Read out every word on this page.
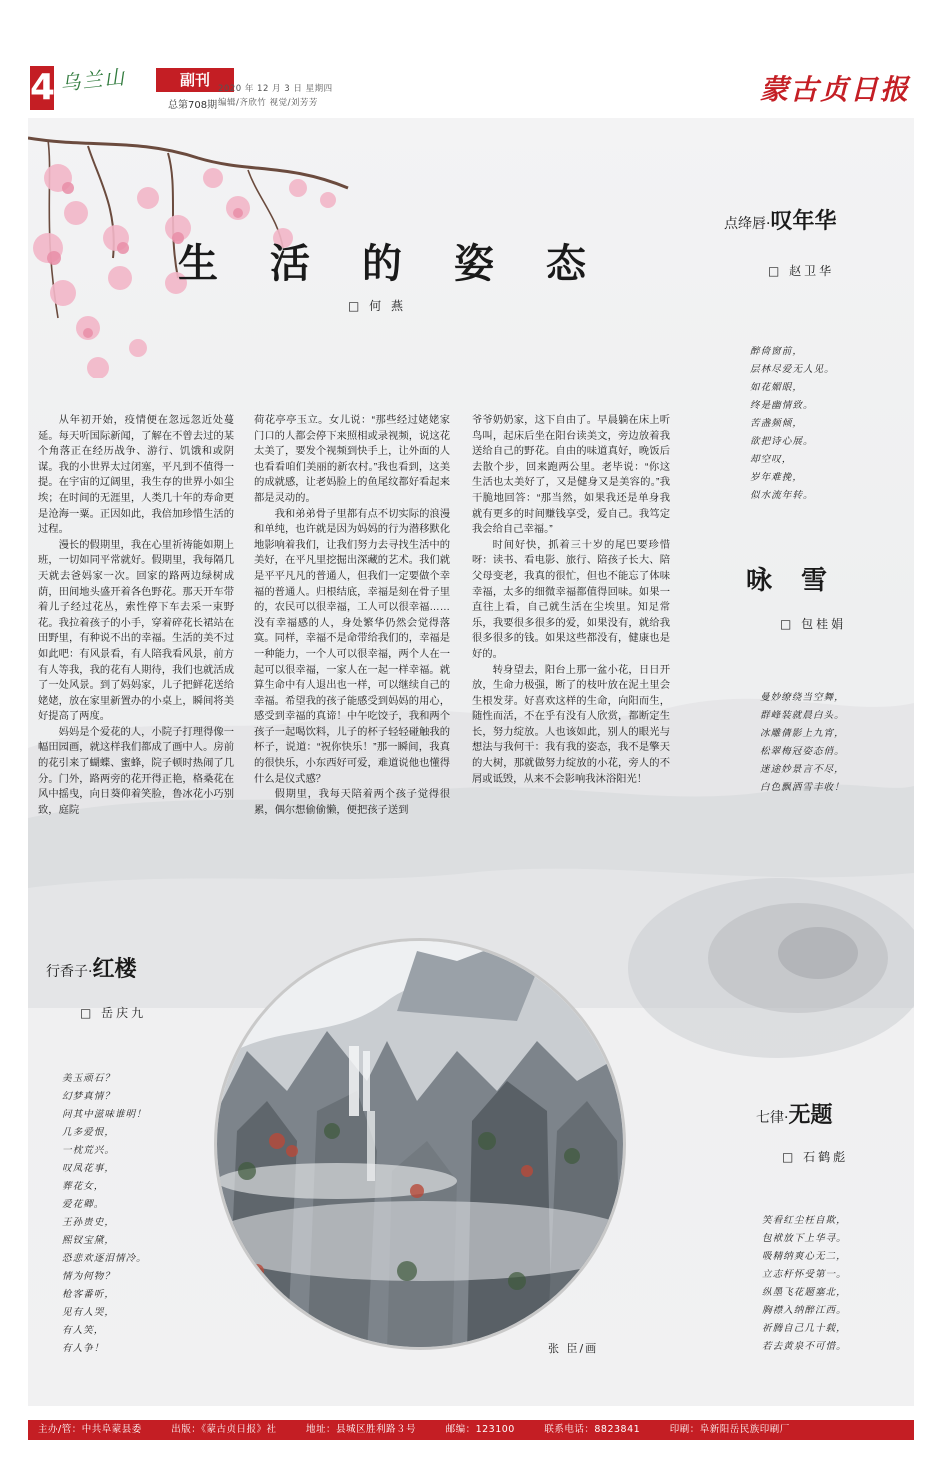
4 乌兰山	副刊
总第708期
2020 年 12 月 3 日 星期四
编辑/齐欣竹 视觉/刘芳芳	蒙古贞日报
生活的姿态
□ 何 燕

从年初开始，疫情便在忽远忽近处蔓延。每天听国际新闻，了解在不曾去过的某个角落正在经历战争、游行、饥饿和或阴谋。我的小世界太过闭塞，平凡到不值得一提。在宇宙的辽阔里，我生存的世界小如尘埃；在时间的无涯里，人类几十年的寿命更是沧海一粟。正因如此，我倍加珍惜生活的过程。

漫长的假期里，我在心里祈祷能如期上班，一切如同平常就好。假期里，我每隔几天就去爸妈家一次。回家的路两边绿树成荫，田间地头盛开着各色野花。那天开车带着儿子经过花丛，索性停下车去采一束野花。我拉着孩子的小手，穿着碎花长裙站在田野里，有种说不出的幸福。生活的美不过如此吧：有风景看，有人陪我看风景，前方有人等我，我的花有人期待，我们也就活成了一处风景。到了妈妈家，儿子把鲜花送给姥姥，放在家里新置办的小桌上，瞬间将美好提高了两度。

妈妈是个爱花的人，小院子打理得像一幅田园画，就这样我们都成了画中人。房前的花引来了蝴蝶、蜜蜂，院子顿时热闹了几分。门外，路两旁的花开得正艳，格桑花在风中摇曳，向日葵仰着笑脸，鲁冰花小巧别致，庭院

荷花亭亭玉立。女儿说：“那些经过姥姥家门口的人都会停下来照相或录视频，说这花太美了，要发个视频到快手上，让外面的人也看看咱们美丽的新农村。”我也看到，这美的成就感，让老妈脸上的鱼尾纹都好看起来都是灵动的。

我和弟弟骨子里都有点不切实际的浪漫和单纯，也许就是因为妈妈的行为潜移默化地影响着我们，让我们努力去寻找生活中的美好，在平凡里挖掘出深藏的艺术。我们就是平平凡凡的普通人，但我们一定要做个幸福的普通人。归根结底，幸福是刻在骨子里的，农民可以很幸福，工人可以很幸福……没有幸福感的人，身处繁华仍然会觉得落寞。同样，幸福不是命带给我们的，幸福是一种能力，一个人可以很幸福，两个人在一起可以很幸福，一家人在一起一样幸福。就算生命中有人退出也一样，可以继续自己的幸福。希望我的孩子能感受到妈妈的用心，感受到幸福的真谛！中午吃饺子，我和两个孩子一起喝饮料，儿子的杯子轻轻碰触我的杯子，说道：“祝你快乐！”那一瞬间，我真的很快乐，小东西好可爱，难道说他也懂得什么是仪式感？

假期里，我每天陪着两个孩子觉得很累，偶尔想偷偷懒，便把孩子送到

爷爷奶奶家，这下自由了。早晨躺在床上听鸟叫，起床后坐在阳台读美文，旁边放着我送给自己的野花。自由的味道真好，晚饭后去散个步，回来跑两公里。老毕说：“你这生活也太美好了，又是健身又是美容的。”我干脆地回答：“那当然，如果我还是单身我就有更多的时间赚钱享受，爱自己。我笃定我会给自己幸福。”

时间好快，抓着三十岁的尾巴要珍惜呀：读书、看电影、旅行、陪孩子长大、陪父母变老，我真的很忙，但也不能忘了体味幸福，太多的细微幸福都值得回味。如果一直往上看，自己就生活在尘埃里。知足常乐，我要很多很多的爱，如果没有，就给我很多很多的钱。如果这些都没有，健康也是好的。

转身望去，阳台上那一盆小花，日日开放，生命力极强，断了的枝叶放在泥土里会生根发芽。好喜欢这样的生命，向阳而生，随性而活，不在乎有没有人欣赏，都断定生长，努力绽放。人也该如此，别人的眼光与想法与我何干：我有我的姿态，我不是擎天的大树，那就做努力绽放的小花，旁人的不屑或诋毁，从来不会影响我沐浴阳光！

点绛唇·叹年华
□ 赵卫华
醉倚窗前，
层林尽爱无人见。
如花媚眼，
终是幽情致。
苦盏频倾，
欲把诗心展。
却空叹，
岁年难挽，
似水流年转。
咏 雪
□ 包桂娟
曼妙缭绕当空舞，
群峰装就晨白头。
冰雕倩影上九宵，
松翠梅冠姿态俏。
迷途妙景言不尽，
白色飘洒雪丰收！
行香子·红楼
□ 岳庆九
美玉顽石？
幻梦真情？
问其中滋味谁明！
几多爱恨，
一枕荒兴。
叹凤花事，
葬花女，
爱花卿。
王孙贵史，
熙钗宝黛，
恐悲欢逐泪情冷。
情为何物？
枪客番听，
见有人哭，
有人笑，
有人争！	张 臣/画
七律·无题
□ 石鹤彪
笑看红尘枉自欺，
包袱放下上华寻。
吸精纳爽心无二，
立志杆怀受第一。
纵墨飞花题塞北，
胸襟入纳醉江西。
祈腾自己几十载，
若去黄泉不可惜。
主办/管：中共阜蒙县委	出版：《蒙古贞日报》社	地址：县城区胜利路３号	邮编：123100	联系电话：8823841	印刷：阜新阳岳民族印刷厂
